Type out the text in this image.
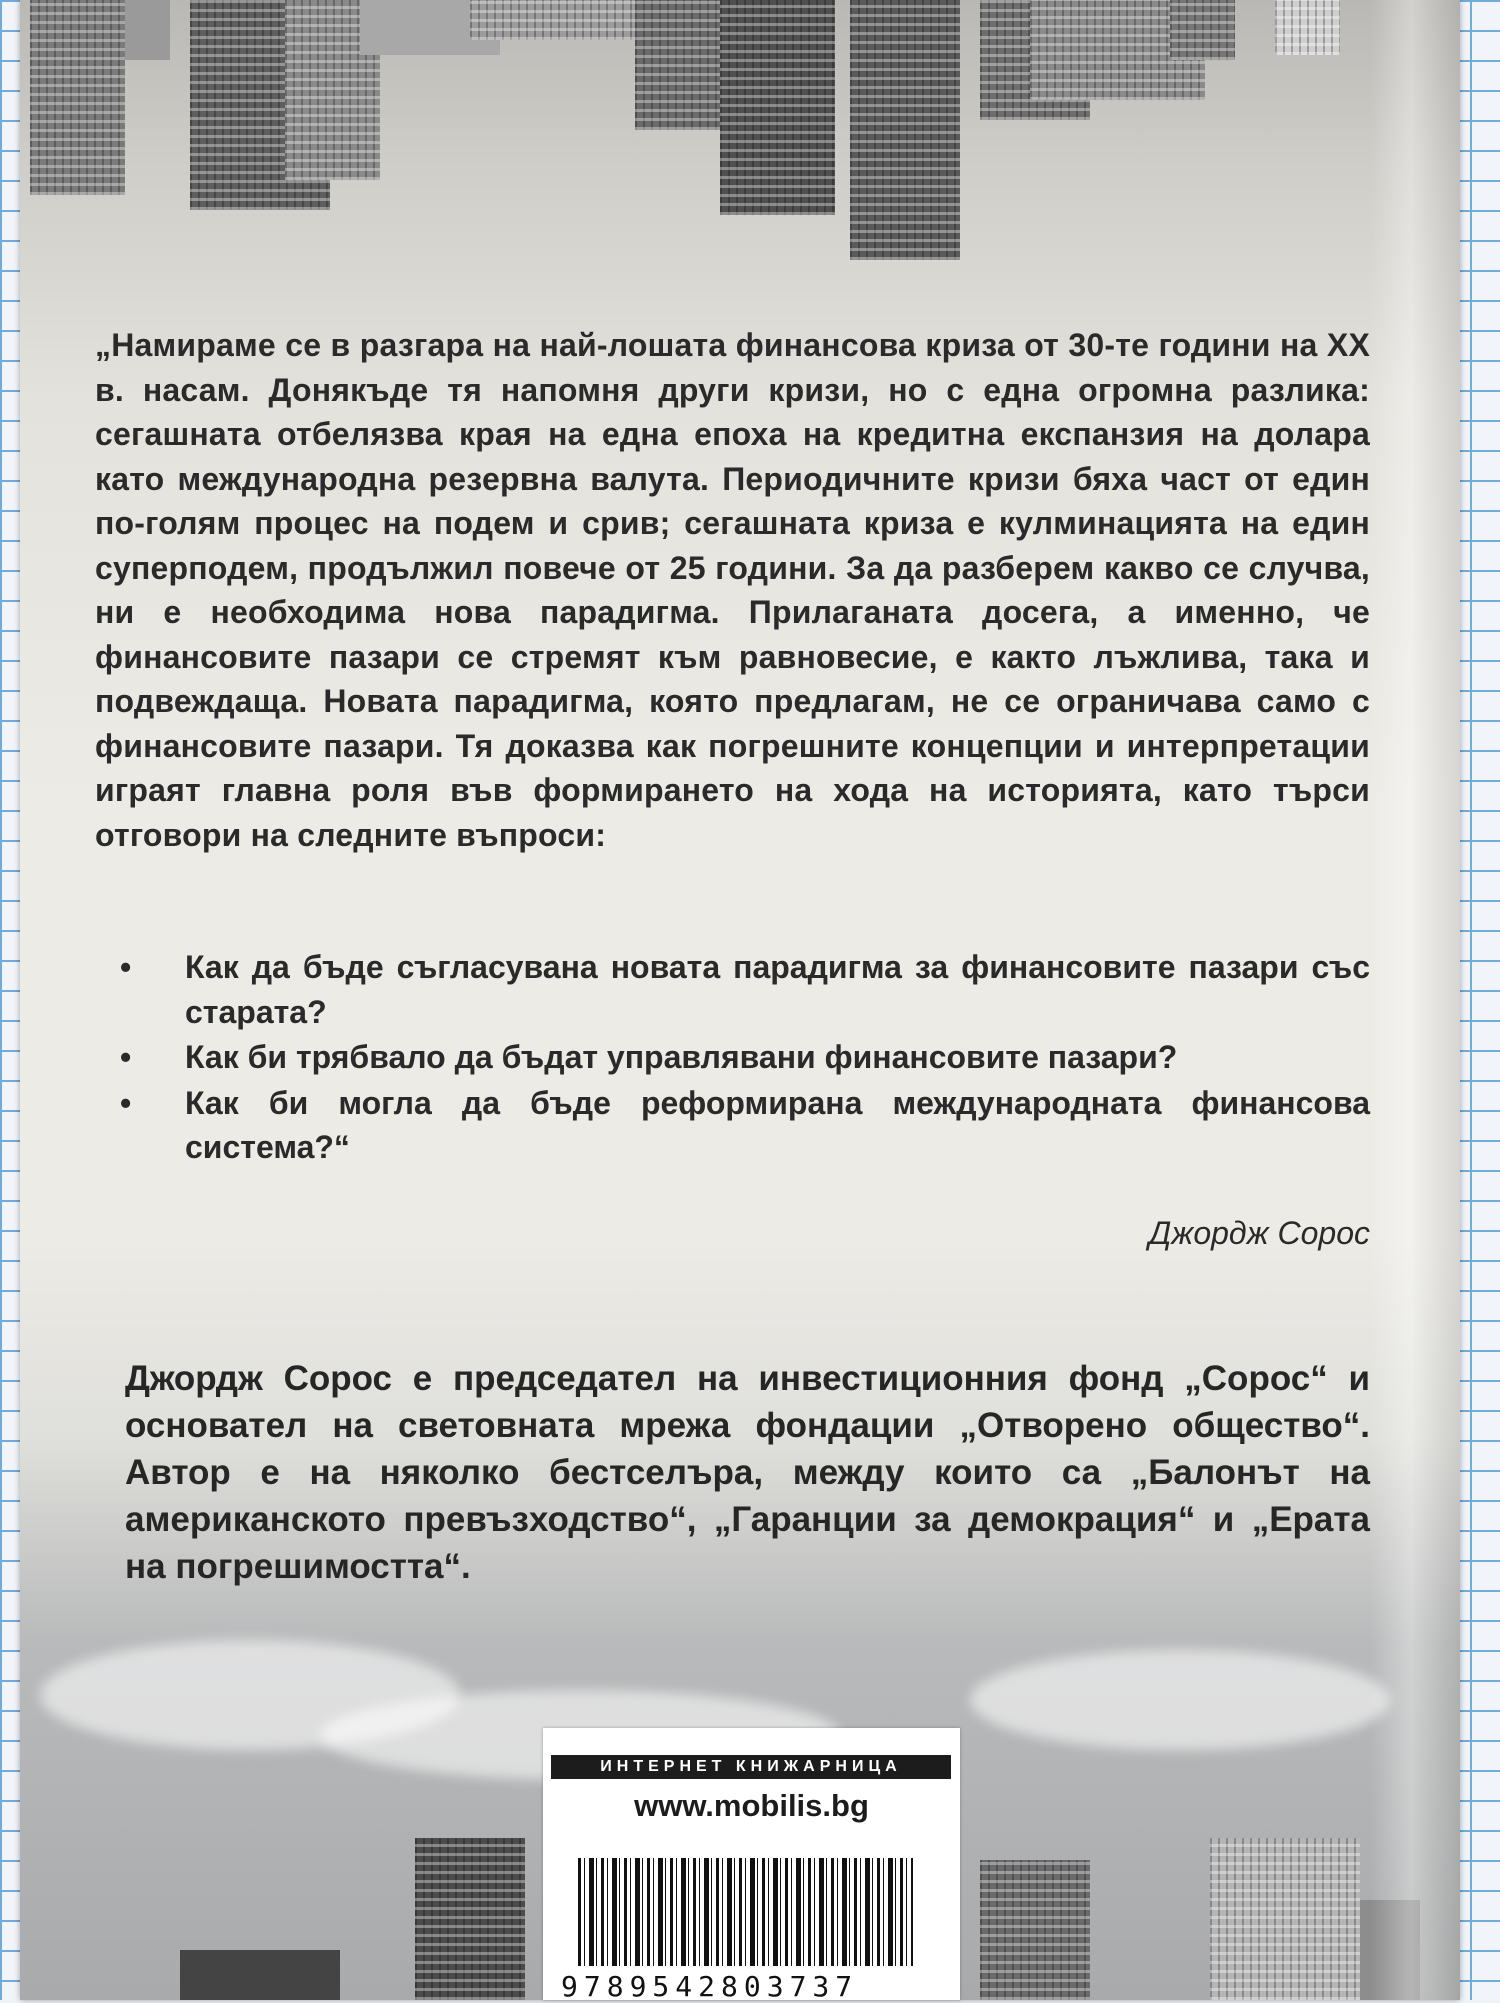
„Намираме се в разгара на най-лошата финансова криза от 30-те години на XX в. насам. Донякъде тя напомня други кризи, но с една огромна разлика: сегашната отбелязва края на една епоха на кредитна експанзия на долара като международна резервна валута. Периодичните кризи бяха част от един по-голям процес на подем и срив; сегашната криза е кулминацията на един суперподем, продължил повече от 25 години. За да разберем какво се случва, ни е необходима нова парадигма. Прилаганата досега, а именно, че финансовите пазари се стремят към равновесие, е както лъжлива, така и подвеждаща. Новата парадигма, която предлагам, не се ограничава само с финансовите пазари. Тя доказва как погрешните концепции и интерпретации играят главна роля във формирането на хода на историята, като търси отговори на следните въпроси:

• Как да бъде съгласувана новата парадигма за финансовите пазари със старата?
• Как би трябвало да бъдат управлявани финансовите пазари?
• Как би могла да бъде реформирана международната финансова система?“
Джордж Сорос

Джордж Сорос е председател на инвестиционния фонд „Сорос“ и основател на световната мрежа фондации „Отворено общество“. Автор е на няколко бестселъра, между които са „Балонът на американското превъзходство“, „Гаранции за демокрация“ и „Ерата на погрешимостта“.

ИНТЕРНЕТ КНИЖАРНИЦА
www.mobilis.bg
9789542803737
